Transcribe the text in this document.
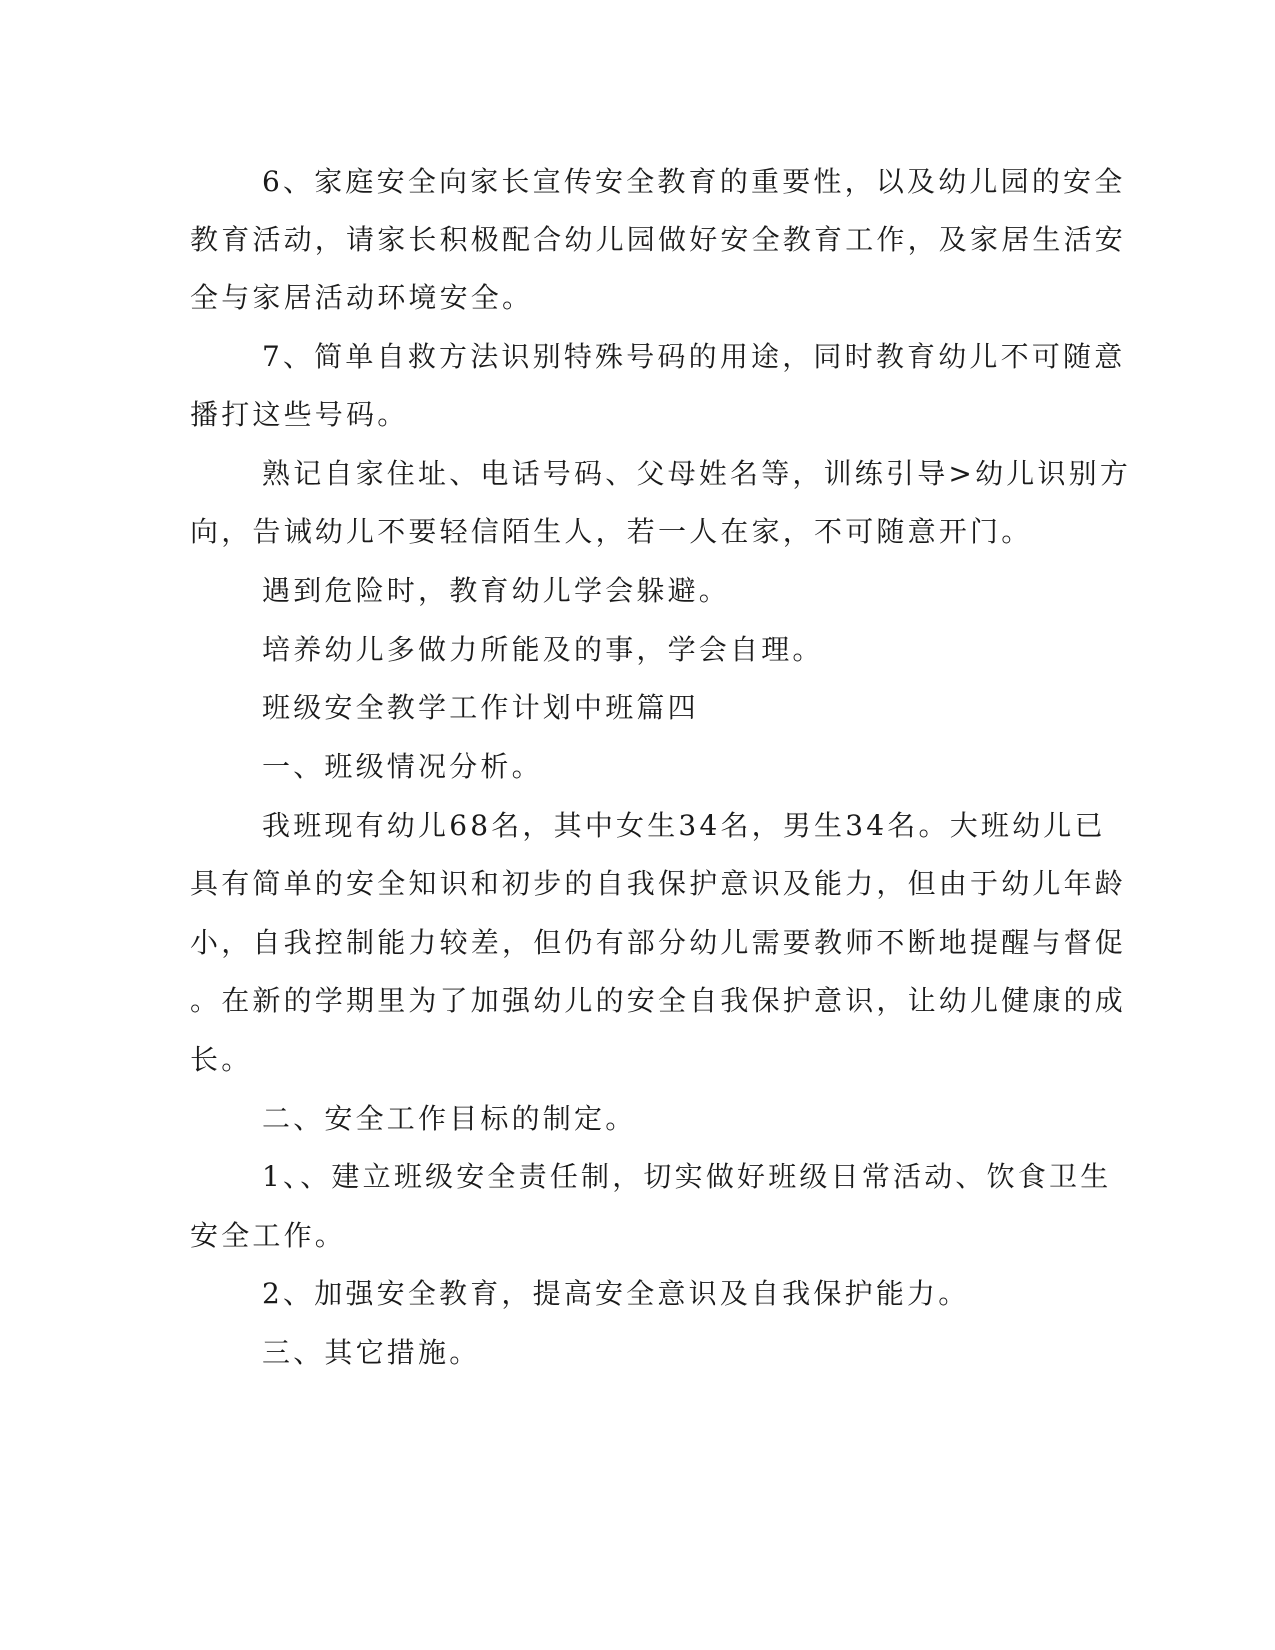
6、家庭安全向家长宣传安全教育的重要性，以及幼儿园的安全
教育活动，请家长积极配合幼儿园做好安全教育工作，及家居生活安
全与家居活动环境安全。
7、简单自救方法识别特殊号码的用途，同时教育幼儿不可随意
播打这些号码。
熟记自家住址、电话号码、父母姓名等，训练引导>幼儿识别方
向，告诫幼儿不要轻信陌生人，若一人在家，不可随意开门。
遇到危险时，教育幼儿学会躲避。
培养幼儿多做力所能及的事，学会自理。
班级安全教学工作计划中班篇四
一、班级情况分析。
我班现有幼儿68名，其中女生34名，男生34名。大班幼儿已
具有简单的安全知识和初步的自我保护意识及能力，但由于幼儿年龄
小，自我控制能力较差，但仍有部分幼儿需要教师不断地提醒与督促
。在新的学期里为了加强幼儿的安全自我保护意识，让幼儿健康的成
长。
二、安全工作目标的制定。
1、、建立班级安全责任制，切实做好班级日常活动、饮食卫生
安全工作。
2、加强安全教育，提高安全意识及自我保护能力。
三、其它措施。
